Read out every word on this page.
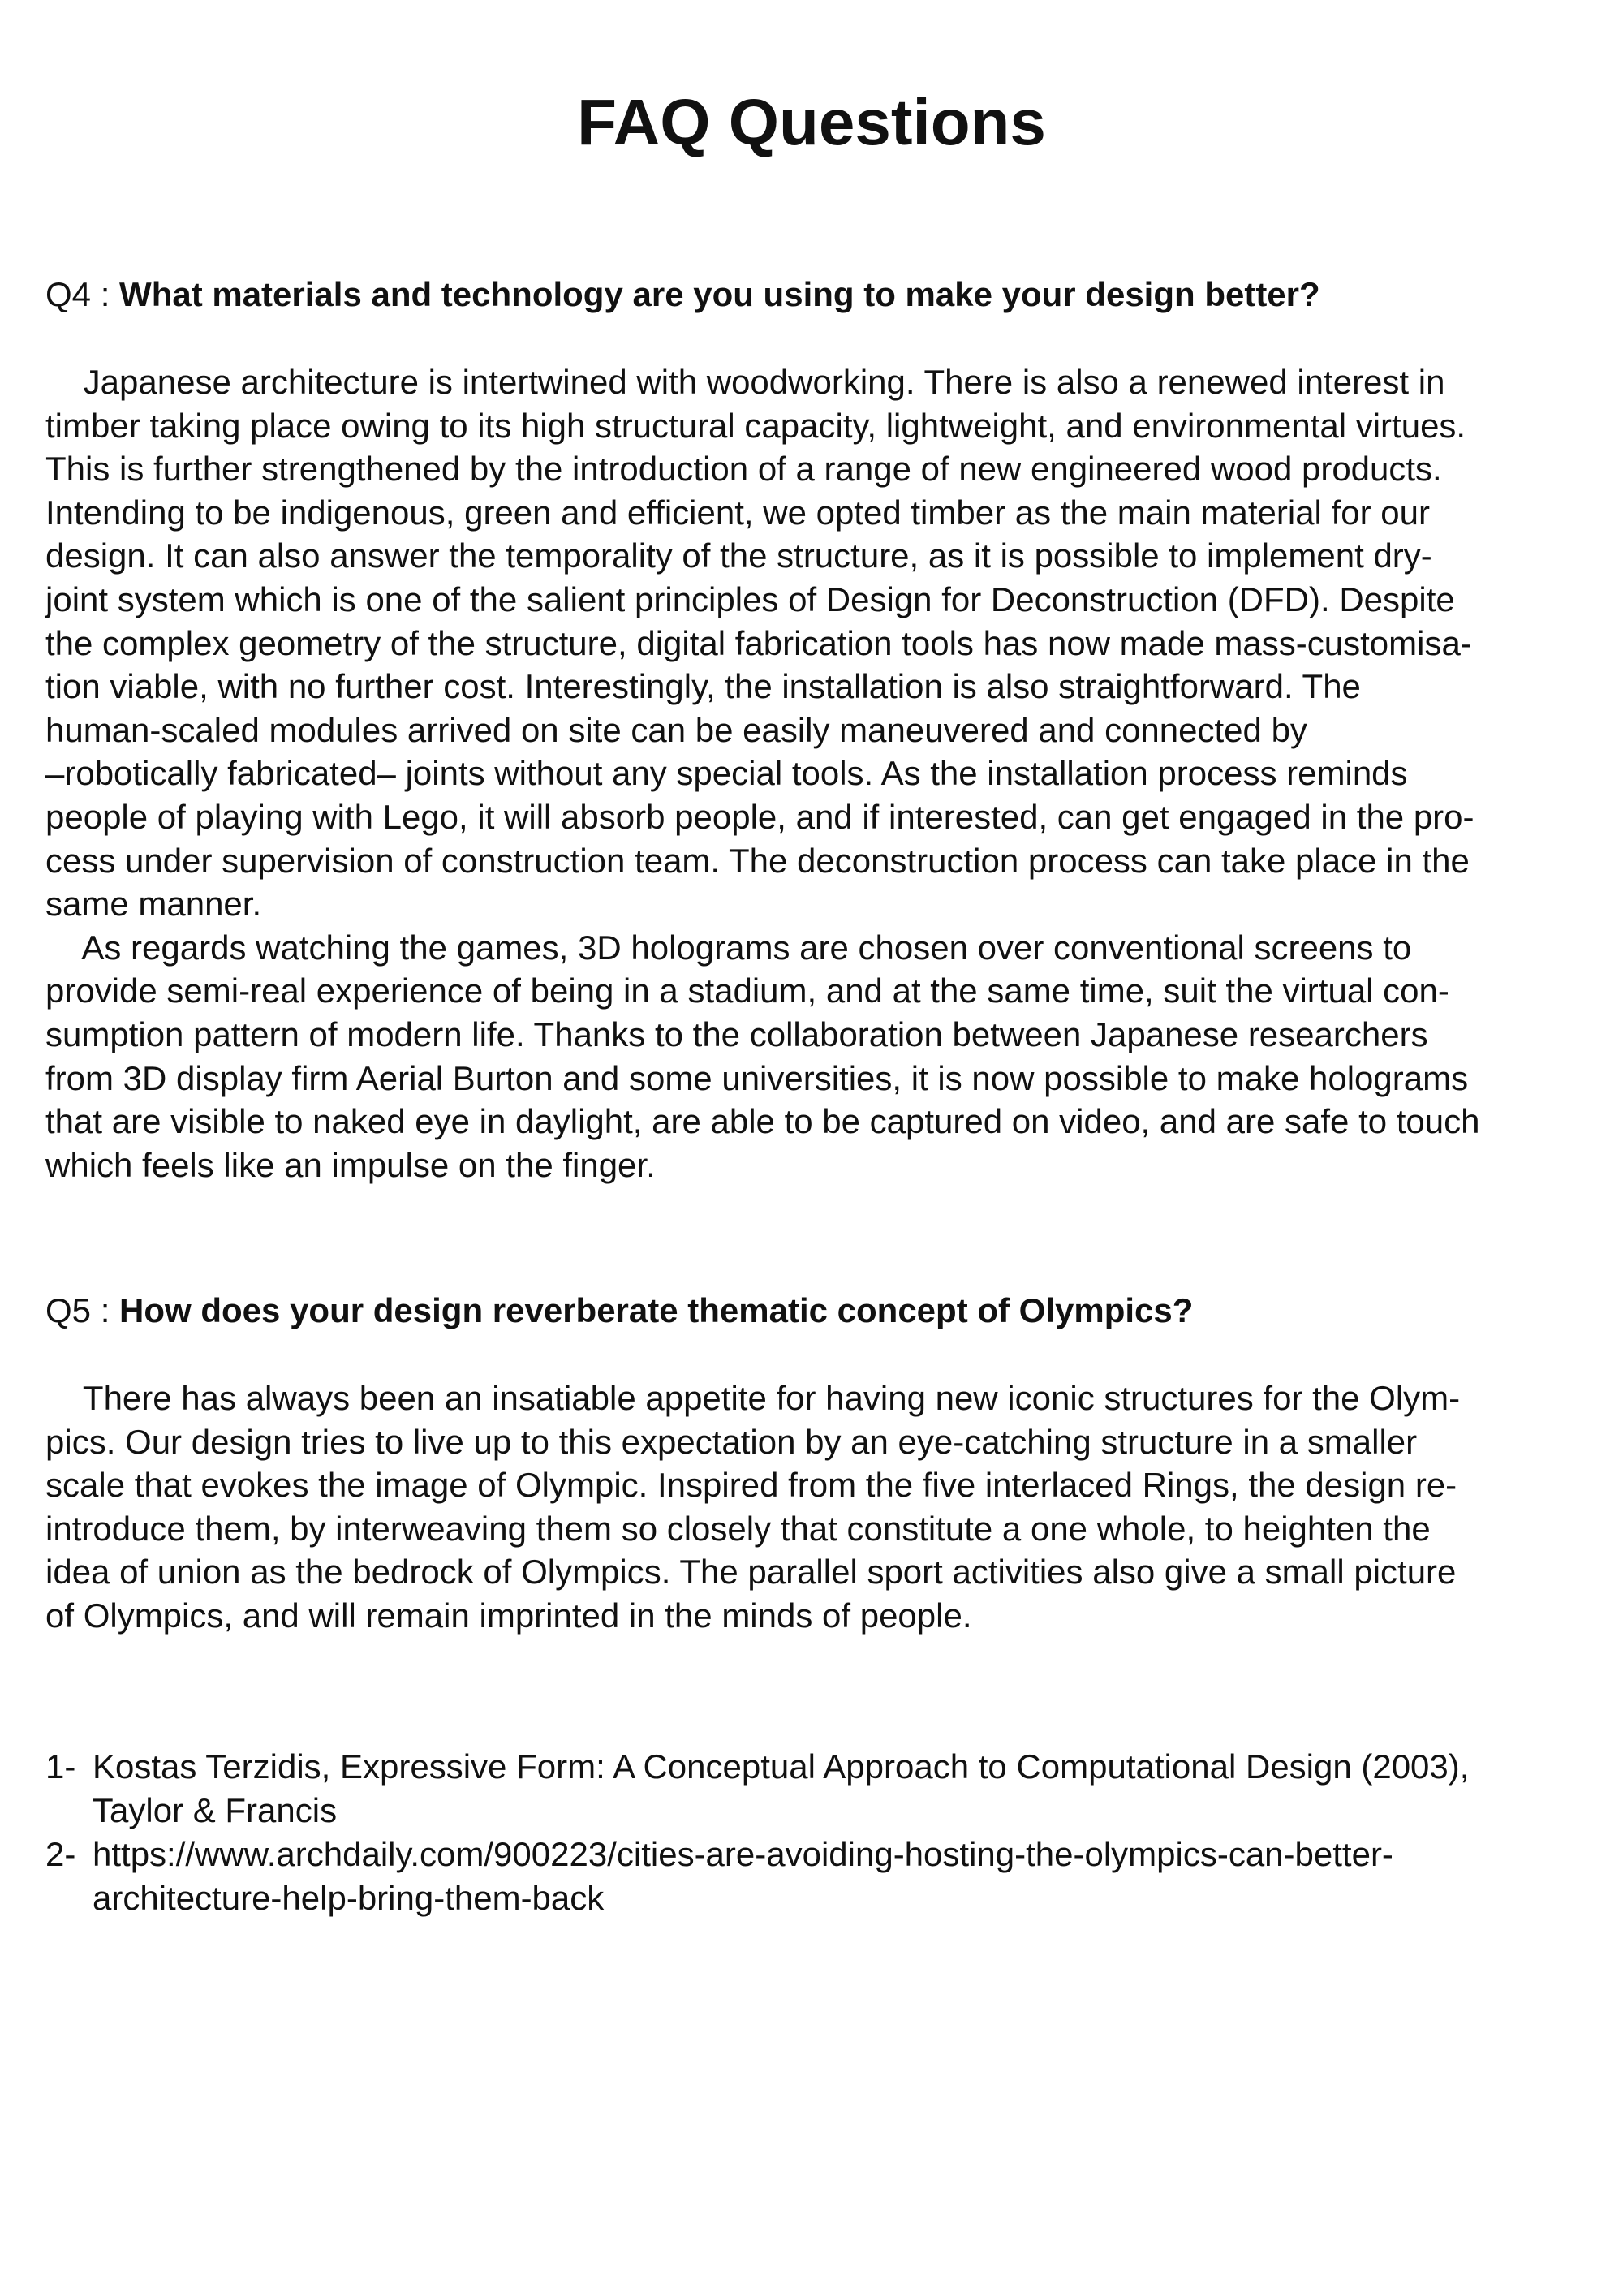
FAQ Questions

Q4 : What materials and technology are you using to make your design better?

Japanese architecture is intertwined with woodworking. There is also a renewed interest in
timber taking place owing to its high structural capacity, lightweight, and environmental virtues.
This is further strengthened by the introduction of a range of new engineered wood products.
Intending to be indigenous, green and efficient, we opted timber as the main material for our
design. It can also answer the temporality of the structure, as it is possible to implement dry-
joint system which is one of the salient principles of Design for Deconstruction (DFD). Despite
the complex geometry of the structure, digital fabrication tools has now made mass-customisa-
tion viable, with no further cost. Interestingly, the installation is also straightforward. The
human-scaled modules arrived on site can be easily maneuvered and connected by
–robotically fabricated– joints without any special tools. As the installation process reminds
people of playing with Lego, it will absorb people, and if interested, can get engaged in the pro-
cess under supervision of construction team. The deconstruction process can take place in the
same manner.
As regards watching the games, 3D holograms are chosen over conventional screens to
provide semi-real experience of being in a stadium, and at the same time, suit the virtual con-
sumption pattern of modern life. Thanks to the collaboration between Japanese researchers
from 3D display firm Aerial Burton and some universities, it is now possible to make holograms
that are visible to naked eye in daylight, are able to be captured on video, and are safe to touch
which feels like an impulse on the finger.

Q5 : How does your design reverberate thematic concept of Olympics?

There has always been an insatiable appetite for having new iconic structures for the Olym-
pics. Our design tries to live up to this expectation by an eye-catching structure in a smaller
scale that evokes the image of Olympic. Inspired from the five interlaced Rings, the design re-
introduce them, by interweaving them so closely that constitute a one whole, to heighten the
idea of union as the bedrock of Olympics. The parallel sport activities also give a small picture
of Olympics, and will remain imprinted in the minds of people.
1- Kostas Terzidis, Expressive Form: A Conceptual Approach to Computational Design (2003),
Taylor & Francis
2- https://www.archdaily.com/900223/cities-are-avoiding-hosting-the-olympics-can-better-
architecture-help-bring-them-back
